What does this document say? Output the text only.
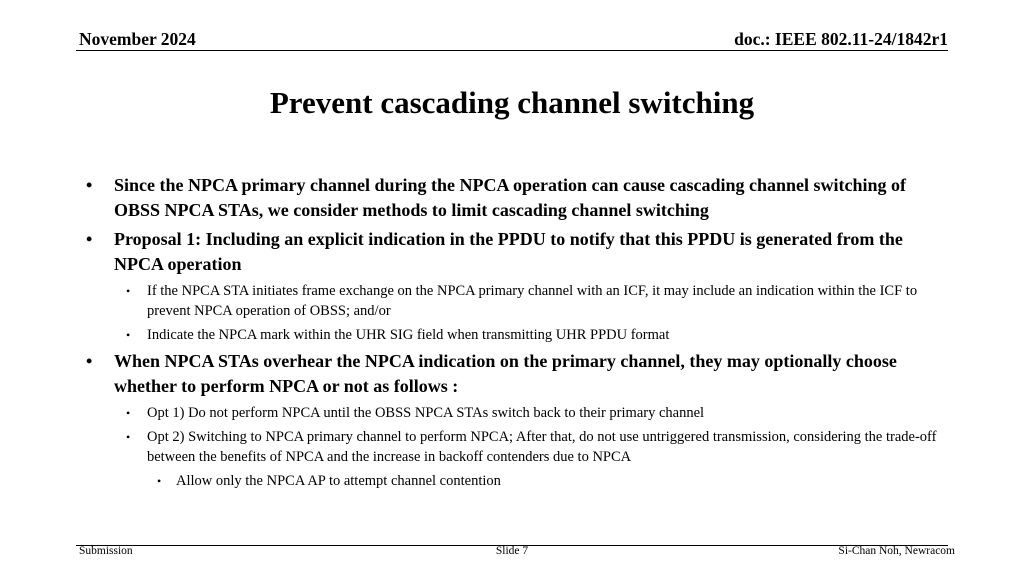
November 2024	doc.: IEEE 802.11-24/1842r1
Prevent cascading channel switching
• Since the NPCA primary channel during the NPCA operation can cause cascading channel switching of OBSS NPCA STAs, we consider methods to limit cascading channel switching
• Proposal 1: Including an explicit indication in the PPDU to notify that this PPDU is generated from the NPCA operation
• If the NPCA STA initiates frame exchange on the NPCA primary channel with an ICF, it may include an indication within the ICF to prevent NPCA operation of OBSS; and/or
• Indicate the NPCA mark within the UHR SIG field when transmitting UHR PPDU format
• When NPCA STAs overhear the NPCA indication on the primary channel, they may optionally choose whether to perform NPCA or not as follows :
• Opt 1) Do not perform NPCA until the OBSS NPCA STAs switch back to their primary channel
• Opt 2) Switching to NPCA primary channel to perform NPCA; After that, do not use untriggered transmission, considering the trade-off between the benefits of NPCA and the increase in backoff contenders due to NPCA
• Allow only the NPCA AP to attempt channel contention
Submission	Slide 7	Si-Chan Noh, Newracom
